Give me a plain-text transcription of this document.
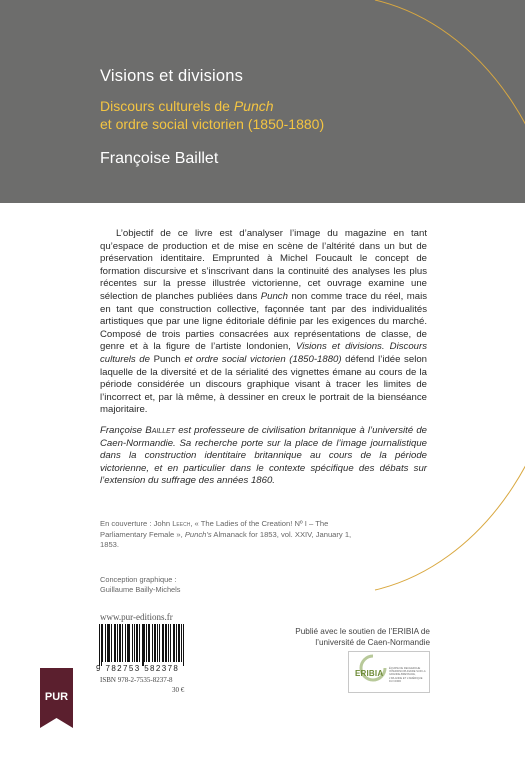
Visions et divisions
Discours culturels de Punch
et ordre social victorien (1850-1880)
Françoise Baillet

L’objectif de ce livre est d’analyser l’image du magazine en tant qu’espace de production et de mise en scène de l’altérité dans un but de préservation identitaire. Emprunted à Michel Foucault le concept de formation discursive et s’inscrivant dans la continuité des analyses les plus récentes sur la presse illustrée victorienne, cet ouvrage examine une sélection de planches publiées dans Punch non comme trace du réel, mais en tant que construction collective, façonnée tant par des individualités artistiques que par une ligne éditoriale définie par les exigences du marché. Composé de trois parties consacrées aux représentations de classe, de genre et à la figure de l’artiste londonien, Visions et divisions. Discours culturels de Punch et ordre social victorien (1850-1880) défend l’idée selon laquelle de la diversité et de la sérialité des vignettes émane au cours de la période considérée un discours graphique visant à tracer les limites de l’incorrect et, par là même, à dessiner en creux le portrait de la bienséance majoritaire.

Françoise Baillet est professeure de civilisation britannique à l’université de Caen-Normandie. Sa recherche porte sur la place de l’image journalistique dans la construction identitaire britannique au cours de la période victorienne, et en particulier dans le contexte spécifique des débats sur l’extension du suffrage des années 1860.
En couverture : John Leech, « The Ladies of the Creation! Nº I – The Parliamentary Female », Punch’s Almanack for 1853, vol. XXIV, January 1, 1853.
Conception graphique :
Guillaume Bailly-Michels
www.pur-editions.fr
9 782753 582378
ISBN 978-2-7535-8237-8
30 €
Publié avec le soutien de l’ERIBIA de
l’université de Caen-Normandie
ERIBIA
ÉQUIPE DE RECHERCHE INTERDISCIPLINAIRE SUR LA GRANDE-BRETAGNE, L’IRLANDE ET L’AMÉRIQUE DU NORD
PUR
